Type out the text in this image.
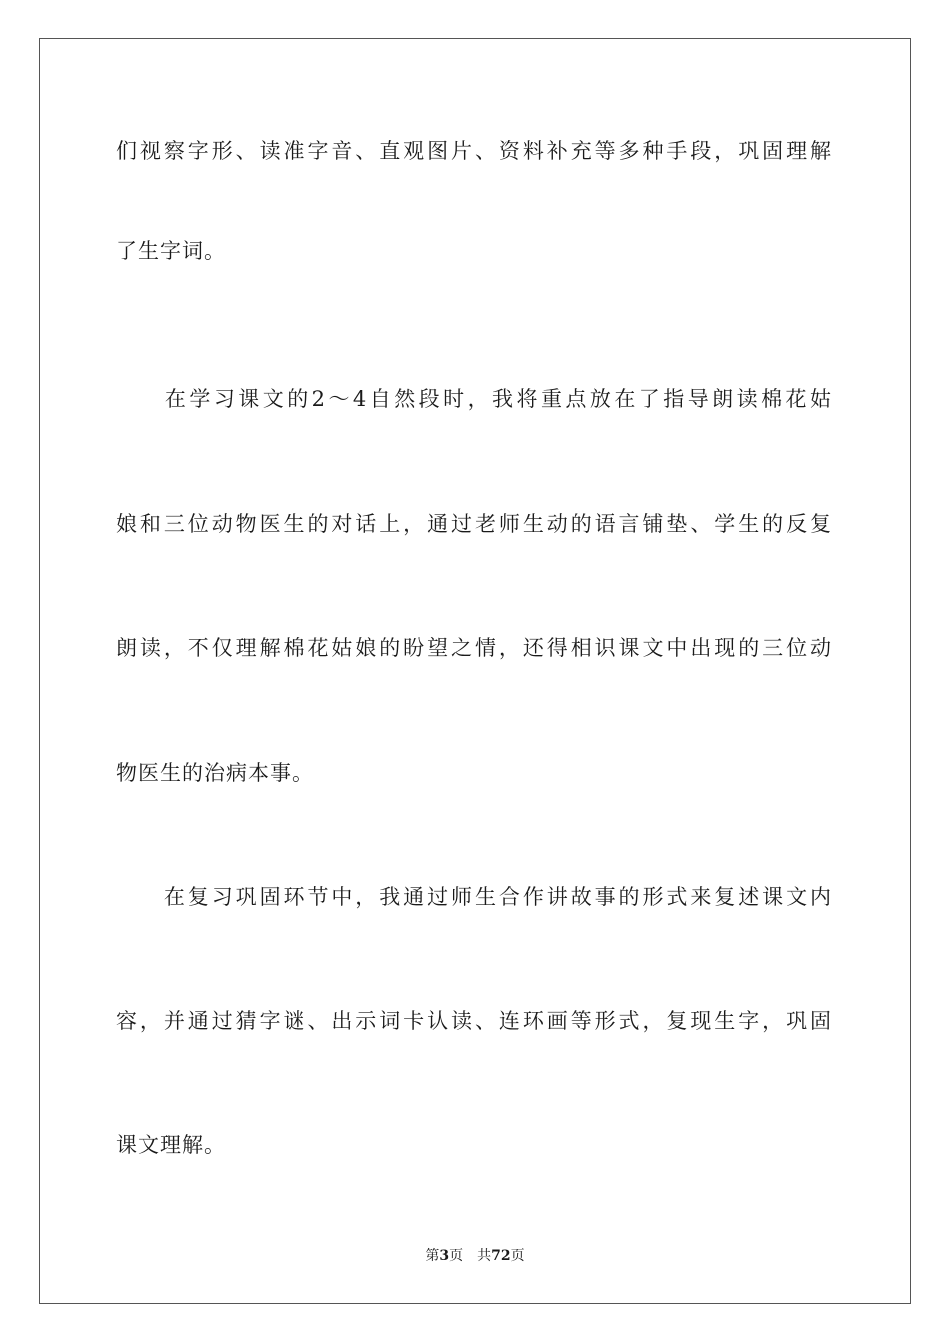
们视察字形、读准字音、直观图片、资料补充等多种手段，巩固理解
了生字词。
　　在学习课文的2～4自然段时，我将重点放在了指导朗读棉花姑
娘和三位动物医生的对话上，通过老师生动的语言铺垫、学生的反复
朗读，不仅理解棉花姑娘的盼望之情，还得相识课文中出现的三位动
物医生的治病本事。
　　在复习巩固环节中，我通过师生合作讲故事的形式来复述课文内
容，并通过猜字谜、出示词卡认读、连环画等形式，复现生字，巩固
课文理解。
第3页　共72页
